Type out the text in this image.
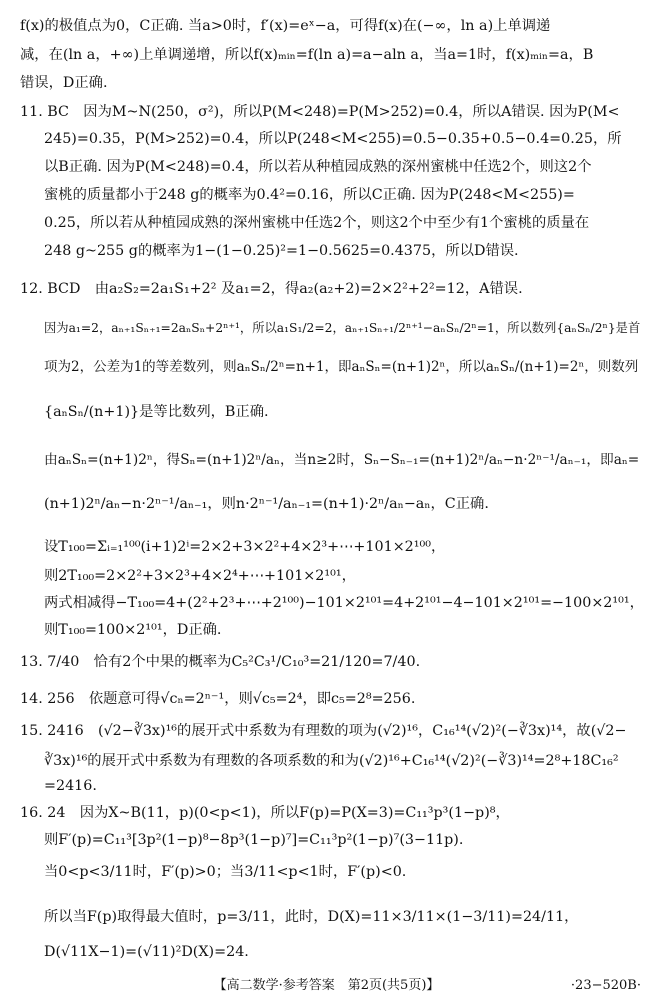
f(x)的极值点为0，C正确. 当a>0时，f′(x)=eˣ−a，可得f(x)在(−∞，ln a)上单调递
减，在(ln a，+∞)上单调递增，所以f(x)ₘᵢₙ=f(ln a)=a−aln a，当a=1时，f(x)ₘᵢₙ=a，B
错误，D正确.
11. BC　因为M~N(250，σ²)，所以P(M<248)=P(M>252)=0.4，所以A错误. 因为P(M<
245)=0.35，P(M>252)=0.4，所以P(248<M<255)=0.5−0.35+0.5−0.4=0.25，所
以B正确. 因为P(M<248)=0.4，所以若从种植园成熟的深州蜜桃中任选2个，则这2个
蜜桃的质量都小于248 g的概率为0.4²=0.16，所以C正确. 因为P(248<M<255)=
0.25，所以若从种植园成熟的深州蜜桃中任选2个，则这2个中至少有1个蜜桃的质量在
248 g~255 g的概率为1−(1−0.25)²=1−0.5625=0.4375，所以D错误.
12. BCD　由a₂S₂=2a₁S₁+2² 及a₁=2，得a₂(a₂+2)=2×2²+2²=12，A错误.
因为a₁=2，aₙ₊₁Sₙ₊₁=2aₙSₙ+2ⁿ⁺¹，所以a₁S₁/2=2，aₙ₊₁Sₙ₊₁/2ⁿ⁺¹−aₙSₙ/2ⁿ=1，所以数列{aₙSₙ/2ⁿ}是首
项为2，公差为1的等差数列，则aₙSₙ/2ⁿ=n+1，即aₙSₙ=(n+1)2ⁿ，所以aₙSₙ/(n+1)=2ⁿ，则数列
{aₙSₙ/(n+1)}是等比数列，B正确.
由aₙSₙ=(n+1)2ⁿ，得Sₙ=(n+1)2ⁿ/aₙ，当n≥2时，Sₙ−Sₙ₋₁=(n+1)2ⁿ/aₙ−n·2ⁿ⁻¹/aₙ₋₁，即aₙ=
(n+1)2ⁿ/aₙ−n·2ⁿ⁻¹/aₙ₋₁，则n·2ⁿ⁻¹/aₙ₋₁=(n+1)·2ⁿ/aₙ−aₙ，C正确.
设T₁₀₀=Σᵢ₌₁¹⁰⁰(i+1)2ⁱ=2×2+3×2²+4×2³+⋯+101×2¹⁰⁰，
则2T₁₀₀=2×2²+3×2³+4×2⁴+⋯+101×2¹⁰¹，
两式相减得−T₁₀₀=4+(2²+2³+⋯+2¹⁰⁰)−101×2¹⁰¹=4+2¹⁰¹−4−101×2¹⁰¹=−100×2¹⁰¹，
则T₁₀₀=100×2¹⁰¹，D正确.
13. 7/40　恰有2个中果的概率为C₅²C₃¹/C₁₀³=21/120=7/40.
14. 256　依题意可得√cₙ=2ⁿ⁻¹，则√c₅=2⁴，即c₅=2⁸=256.
15. 2416　(√2−∛3x)¹⁶的展开式中系数为有理数的项为(√2)¹⁶，C₁₆¹⁴(√2)²(−∛3x)¹⁴，故(√2−
∛3x)¹⁶的展开式中系数为有理数的各项系数的和为(√2)¹⁶+C₁₆¹⁴(√2)²(−∛3)¹⁴=2⁸+18C₁₆²
=2416.
16. 24　因为X~B(11，p)(0<p<1)，所以F(p)=P(X=3)=C₁₁³p³(1−p)⁸，
则F′(p)=C₁₁³[3p²(1−p)⁸−8p³(1−p)⁷]=C₁₁³p²(1−p)⁷(3−11p).
当0<p<3/11时，F′(p)>0；当3/11<p<1时，F′(p)<0.
所以当F(p)取得最大值时，p=3/11，此时，D(X)=11×3/11×(1−3/11)=24/11，
D(√11X−1)=(√11)²D(X)=24.
【高二数学·参考答案　第2页(共5页)】	·23−520B·
